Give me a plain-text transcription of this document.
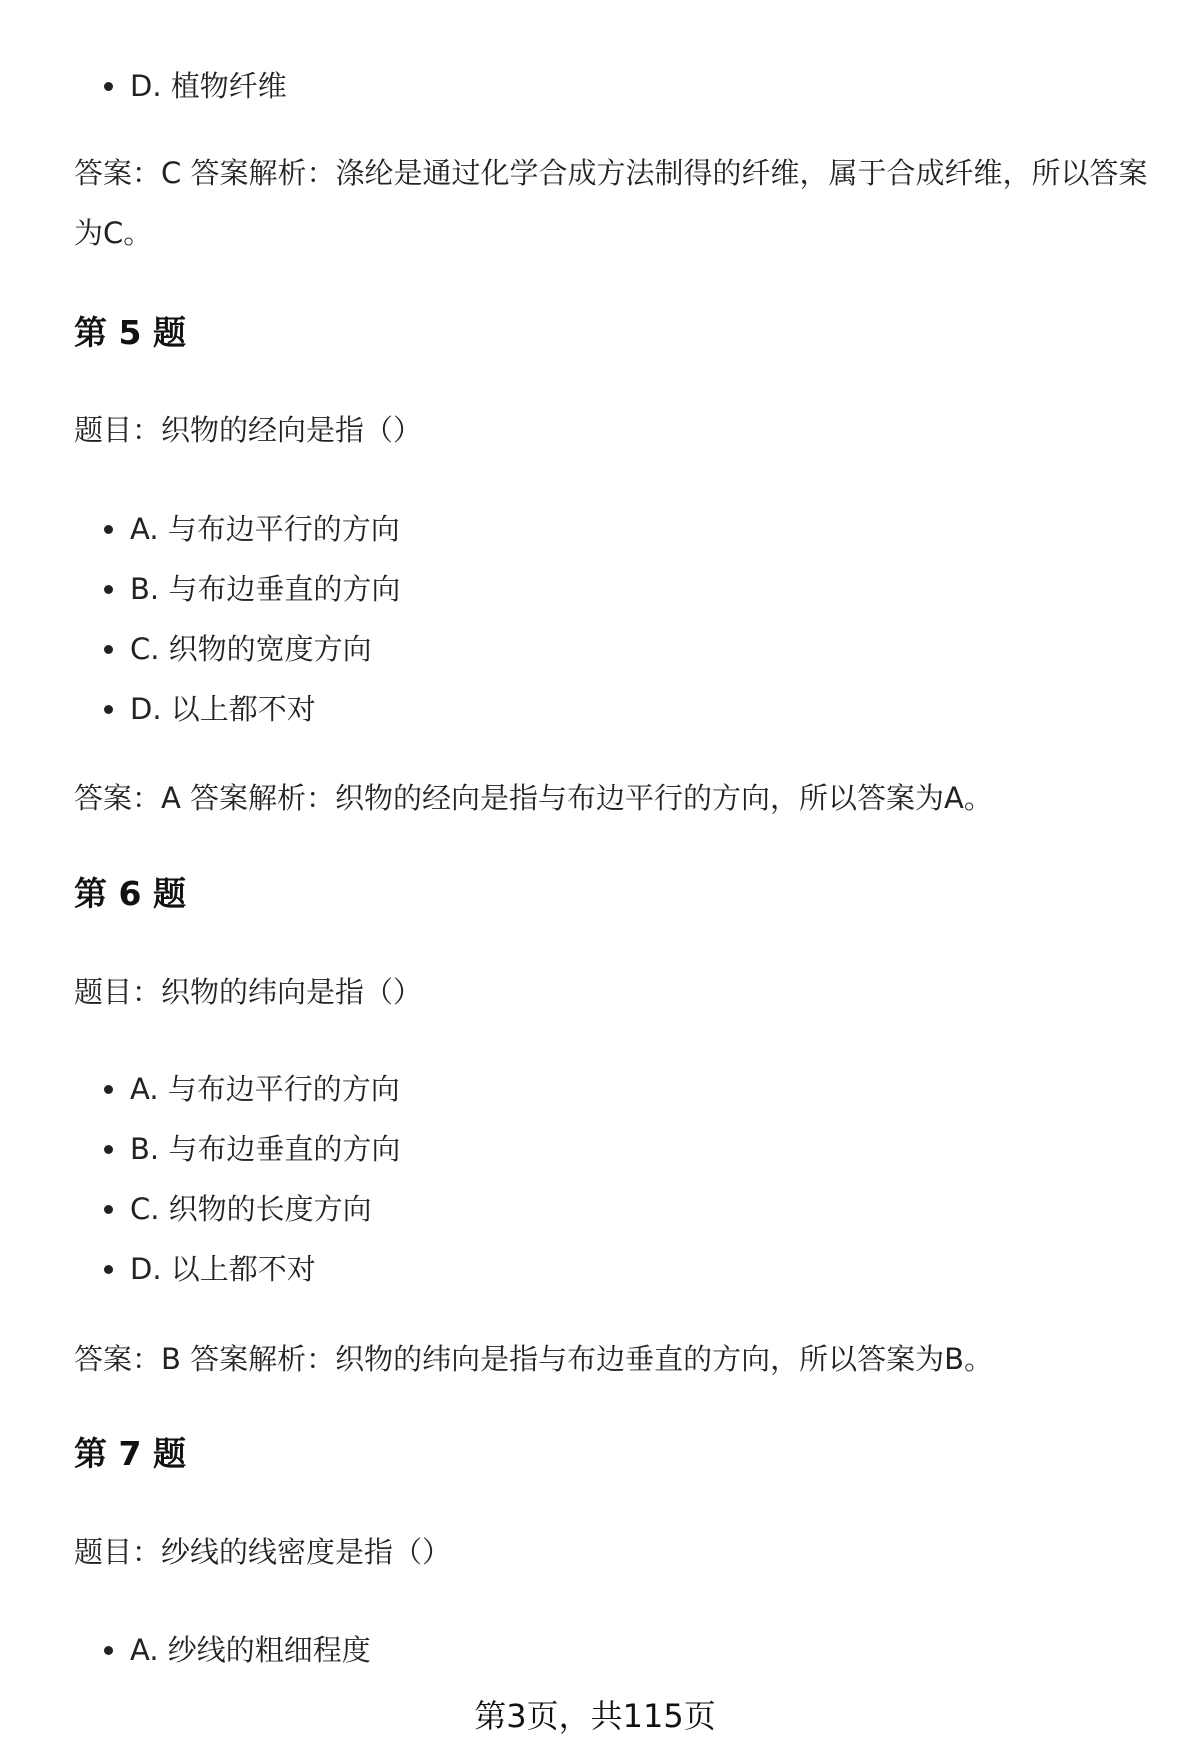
D. 植物纤维
答案：C 答案解析：涤纶是通过化学合成方法制得的纤维，属于合成纤维，所以答案为C。
第 5 题
题目：织物的经向是指（）
A. 与布边平行的方向
B. 与布边垂直的方向
C. 织物的宽度方向
D. 以上都不对
答案：A 答案解析：织物的经向是指与布边平行的方向，所以答案为A。
第 6 题
题目：织物的纬向是指（）
A. 与布边平行的方向
B. 与布边垂直的方向
C. 织物的长度方向
D. 以上都不对
答案：B 答案解析：织物的纬向是指与布边垂直的方向，所以答案为B。
第 7 题
题目：纱线的线密度是指（）
A. 纱线的粗细程度
第3页，共115页
